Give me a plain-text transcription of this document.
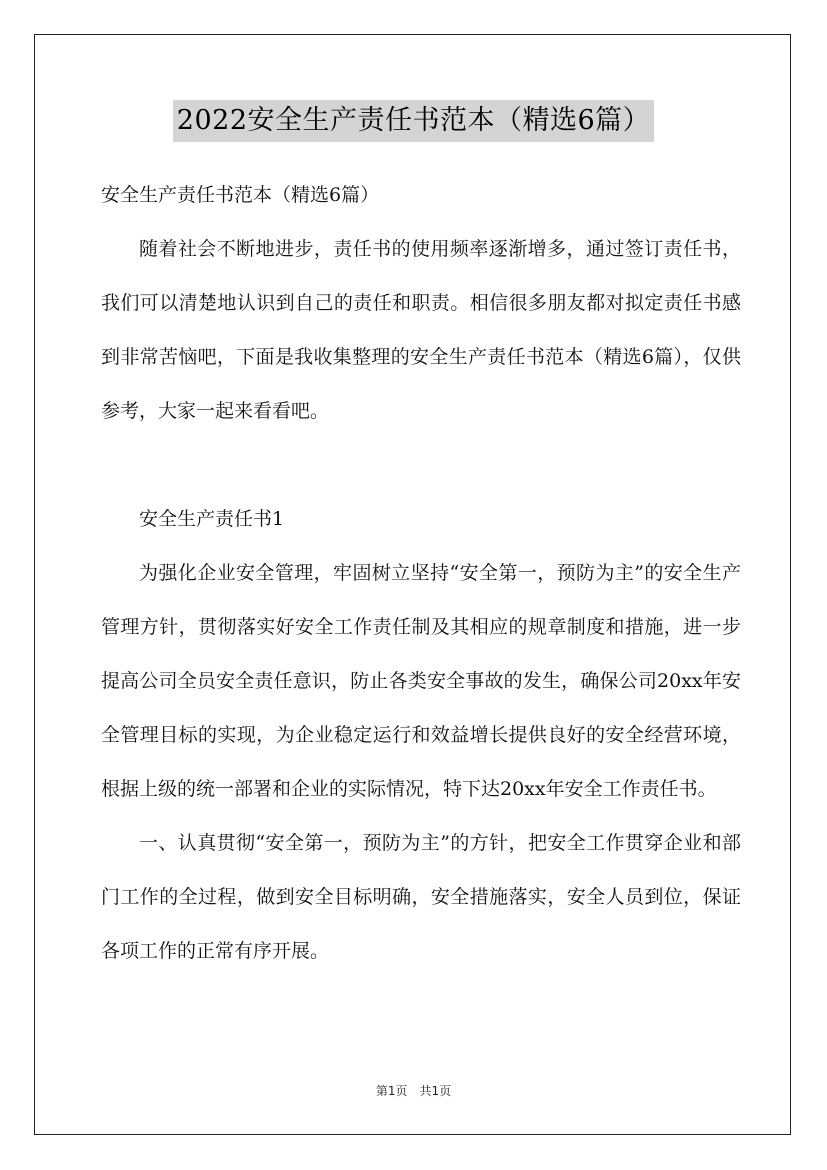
2022安全生产责任书范本（精选6篇）

安全生产责任书范本（精选6篇）

随着社会不断地进步，责任书的使用频率逐渐增多，通过签订责任书，我们可以清楚地认识到自己的责任和职责。相信很多朋友都对拟定责任书感到非常苦恼吧，下面是我收集整理的安全生产责任书范本（精选6篇），仅供参考，大家一起来看看吧。

安全生产责任书1

为强化企业安全管理，牢固树立坚持“安全第一，预防为主”的安全生产管理方针，贯彻落实好安全工作责任制及其相应的规章制度和措施，进一步提高公司全员安全责任意识，防止各类安全事故的发生，确保公司20xx年安全管理目标的实现，为企业稳定运行和效益增长提供良好的安全经营环境，根据上级的统一部署和企业的实际情况，特下达20xx年安全工作责任书。

一、认真贯彻“安全第一，预防为主”的方针，把安全工作贯穿企业和部门工作的全过程，做到安全目标明确，安全措施落实，安全人员到位，保证各项工作的正常有序开展。

第1页 共1页
